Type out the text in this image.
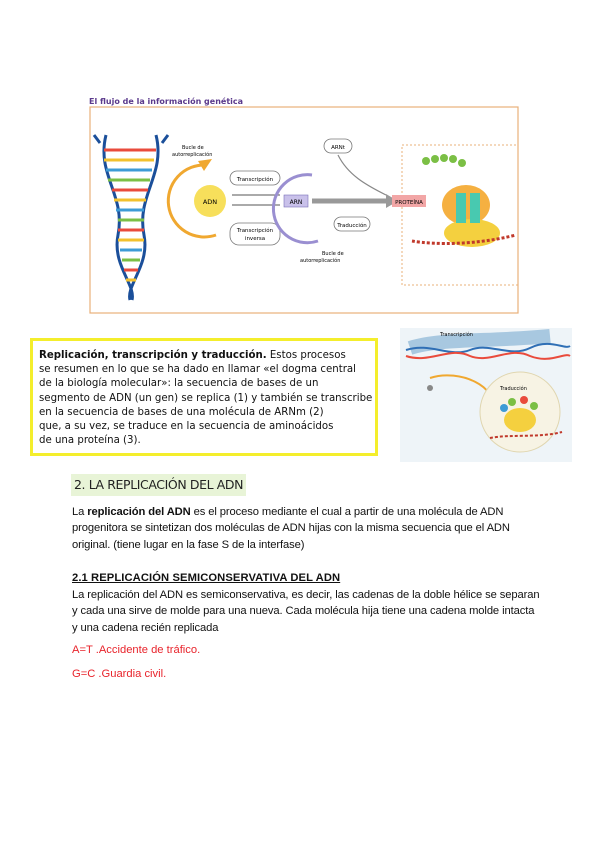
ADN
Bucle de
autorreplicación
Transcripción
Transcripción
inversa
ARN
Bucle de
autorreplicación
ARNt
Traducción
PROTEÍNA
El flujo de la información genética
Replicación, transcripción y traducción. Estos procesos
se resumen en lo que se ha dado en llamar «el dogma central
de la biología molecular»: la secuencia de bases de un
segmento de ADN (un gen) se replica (1) y también se transcribe
en la secuencia de bases de una molécula de ARNm (2)
que, a su vez, se traduce en la secuencia de aminoácidos
de una proteína (3).
Transcripción
Traducción
2. LA REPLICACIÓN DEL ADN
La replicación del ADN es el proceso mediante el cual a partir de una molécula de ADN progenitora se sintetizan dos moléculas de ADN hijas con la misma secuencia que el ADN original. (tiene lugar en la fase S de la interfase)
2.1 REPLICACIÓN SEMICONSERVATIVA DEL ADN
La replicación del ADN es semiconservativa, es decir, las cadenas de la doble hélice se separan y cada una sirve de molde para una nueva. Cada molécula hija tiene una cadena molde intacta y una cadena recién replicada
A=T .Accidente de tráfico.
G=C .Guardia civil.
